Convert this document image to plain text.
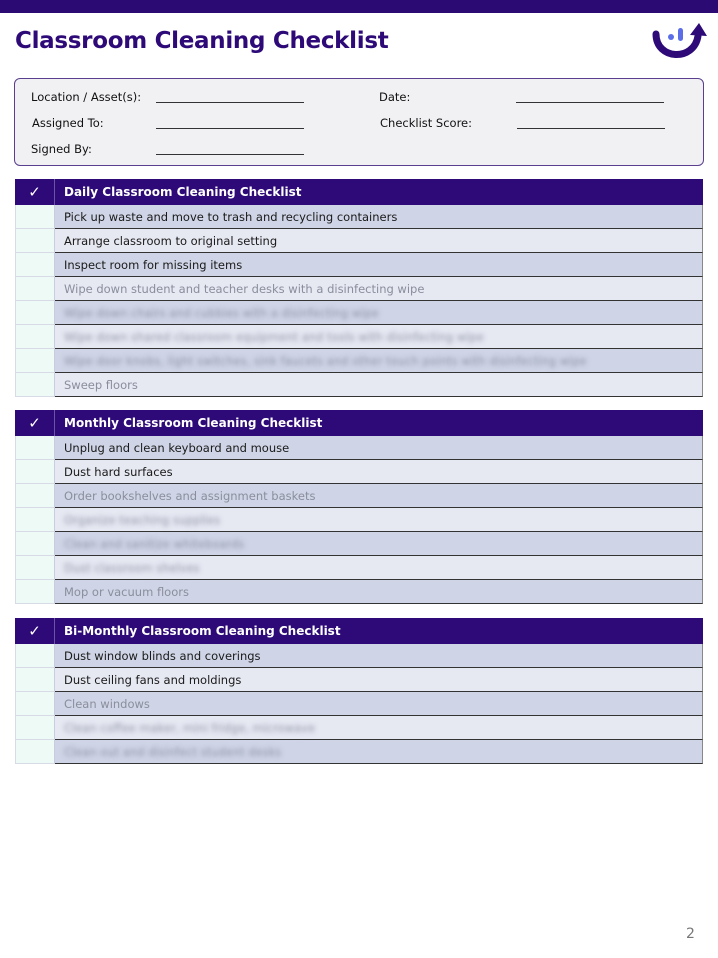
Classroom Cleaning Checklist
Location / Asset(s):	Date:
Assigned To:	Checklist Score:
Signed By:
✓	Daily Classroom Cleaning Checklist
Pick up waste and move to trash and recycling containers
Arrange classroom to original setting
Inspect room for missing items
Wipe down student and teacher desks with a disinfecting wipe
Wipe down chairs and cubbies with a disinfecting wipe
Wipe down shared classroom equipment and tools with disinfecting wipe
Wipe door knobs, light switches, sink faucets and other touch points with disinfecting wipe
Sweep floors
✓	Monthly Classroom Cleaning Checklist
Unplug and clean keyboard and mouse
Dust hard surfaces
Order bookshelves and assignment baskets
Organize teaching supplies
Clean and sanitize whiteboards
Dust classroom shelves
Mop or vacuum floors
✓	Bi-Monthly Classroom Cleaning Checklist
Dust window blinds and coverings
Dust ceiling fans and moldings
Clean windows
Clean coffee maker, mini fridge, microwave
Clean out and disinfect student desks
2
